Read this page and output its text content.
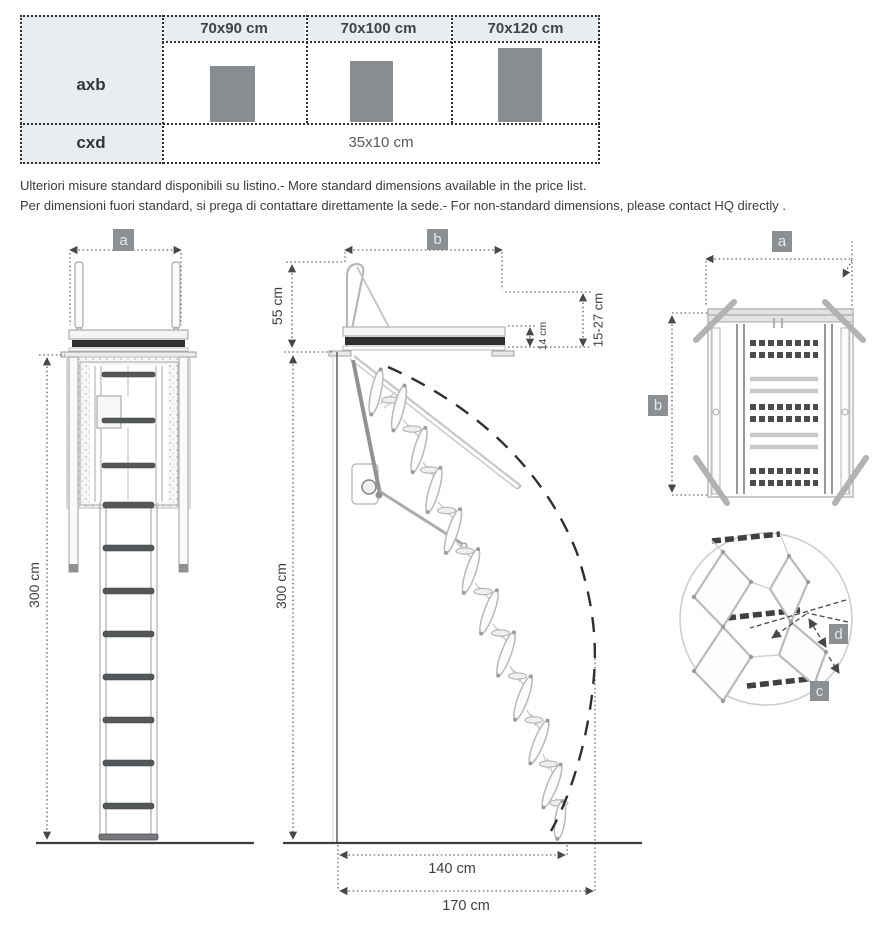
70x90 cm	70x100 cm	70x120 cm
axb
cxd	35x10 cm
Ulteriori misure standard disponibili su listino.- More standard dimensions available in the price list.
Per dimensioni fuori standard, si prega di contattare direttamente la sede.- For non-standard dimensions, please contact HQ directly .
a
300 cm
b
55 cm
14 cm	15-27 cm
300 cm
140 cm
170 cm
a
b
d
c
